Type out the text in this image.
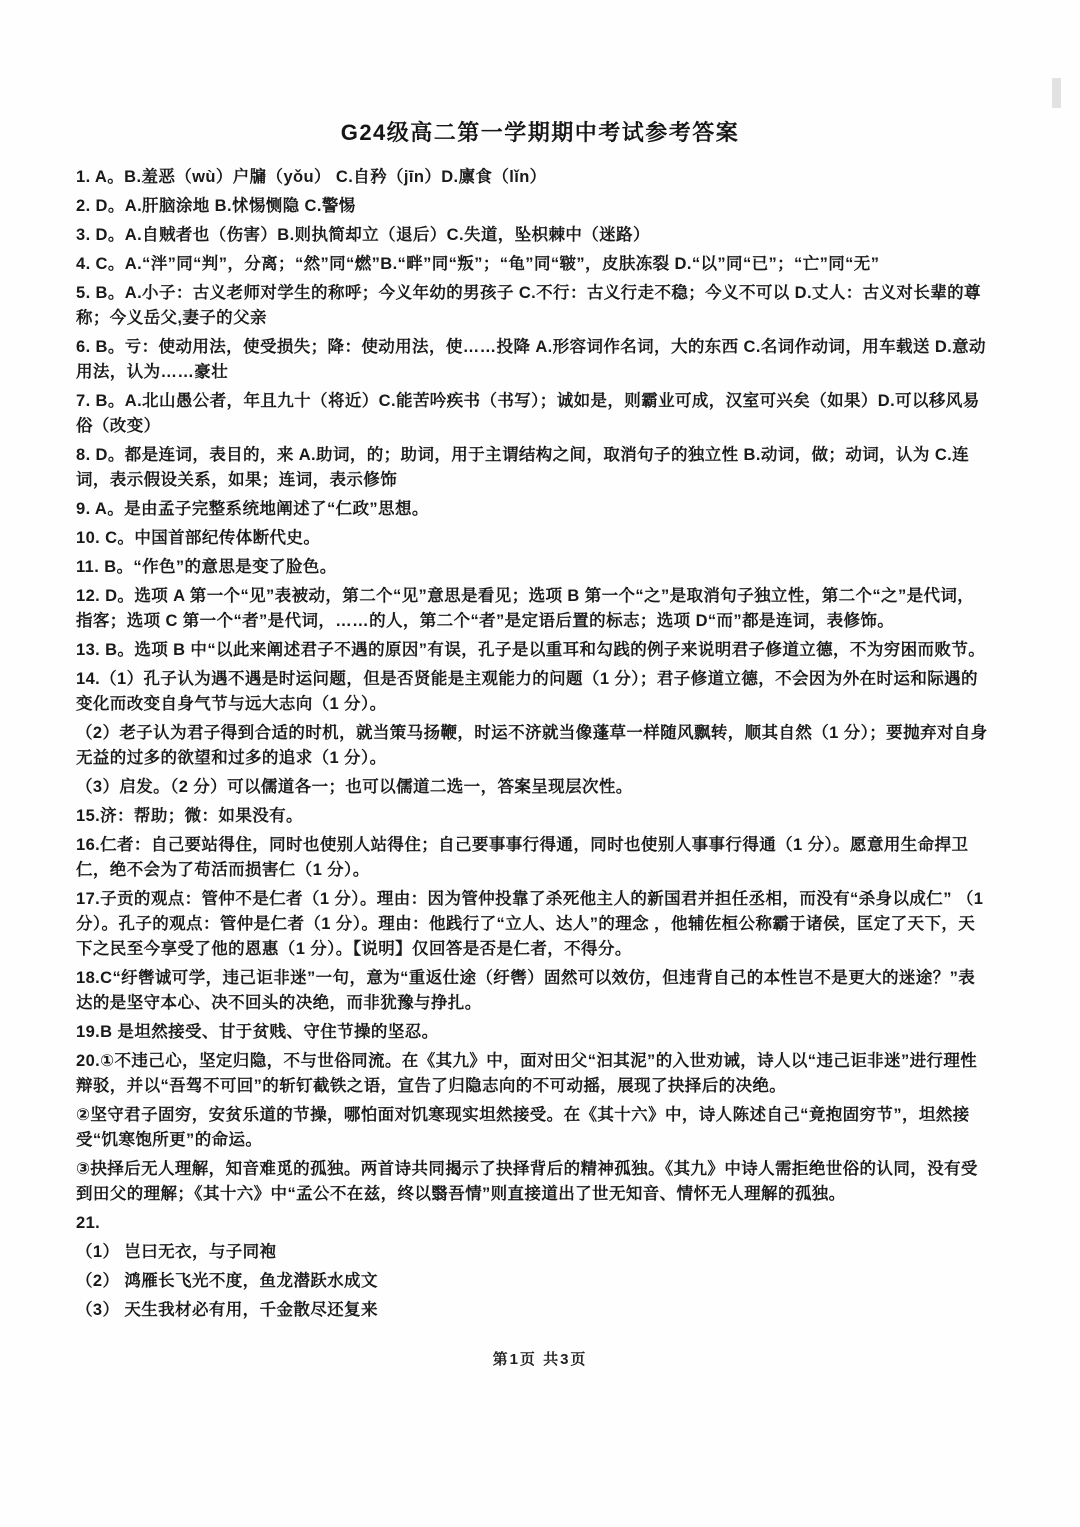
G24级高二第一学期期中考试参考答案

1. A。B.羞恶（wù）户牖（yǒu） C.自矜（jīn）D.廪食（lǐn）

2. D。A.肝脑涂地 B.怵惕恻隐 C.警惕

3. D。A.自贼者也（伤害）B.则执简却立（退后）C.失道，坠枳棘中（迷路）

4. C。A.“泮”同“判”，分离；“然”同“燃”B.“畔”同“叛”；“龟”同“皲”，皮肤冻裂 D.“以”同“已”；“亡”同“无”

5. B。A.小子：古义老师对学生的称呼；今义年幼的男孩子 C.不行：古义行走不稳；今义不可以 D.丈人：古义对长辈的尊称；今义岳父,妻子的父亲

6. B。亏：使动用法，使受损失；降：使动用法，使……投降 A.形容词作名词，大的东西 C.名词作动词，用车载送 D.意动用法，认为……豪壮

7. B。A.北山愚公者，年且九十（将近）C.能苦吟疾书（书写）；诚如是，则霸业可成，汉室可兴矣（如果）D.可以移风易俗（改变）

8. D。都是连词，表目的，来 A.助词，的；助词，用于主谓结构之间，取消句子的独立性 B.动词，做；动词，认为 C.连词，表示假设关系，如果；连词，表示修饰

9. A。是由孟子完整系统地阐述了“仁政”思想。

10. C。中国首部纪传体断代史。

11. B。“作色”的意思是变了脸色。

12. D。选项 A 第一个“见”表被动，第二个“见”意思是看见；选项 B 第一个“之”是取消句子独立性，第二个“之”是代词，指客；选项 C 第一个“者”是代词，……的人，第二个“者”是定语后置的标志；选项 D“而”都是连词，表修饰。

13. B。选项 B 中“以此来阐述君子不遇的原因”有误，孔子是以重耳和勾践的例子来说明君子修道立德，不为穷困而败节。

14.（1）孔子认为遇不遇是时运问题，但是否贤能是主观能力的问题（1 分）；君子修道立德，不会因为外在时运和际遇的变化而改变自身气节与远大志向（1 分）。

（2）老子认为君子得到合适的时机，就当策马扬鞭，时运不济就当像蓬草一样随风飘转，顺其自然（1 分）；要抛弃对自身无益的过多的欲望和过多的追求（1 分）。

（3）启发。（2 分）可以儒道各一；也可以儒道二选一，答案呈现层次性。

15.济：帮助；微：如果没有。

16.仁者：自己要站得住，同时也使别人站得住；自己要事事行得通，同时也使别人事事行得通（1 分）。愿意用生命捍卫仁，绝不会为了苟活而损害仁（1 分）。

17.子贡的观点：管仲不是仁者（1 分）。理由：因为管仲投靠了杀死他主人的新国君并担任丞相，而没有“杀身以成仁” （1 分）。孔子的观点：管仲是仁者（1 分）。理由：他践行了“立人、达人”的理念 ，他辅佐桓公称霸于诸侯，匡定了天下，天下之民至今享受了他的恩惠（1 分）。【说明】仅回答是否是仁者，不得分。

18.C“纡辔诚可学，违己讵非迷”一句，意为“重返仕途（纡辔）固然可以效仿，但违背自己的本性岂不是更大的迷途？”表达的是坚守本心、决不回头的决绝，而非犹豫与挣扎。

19.B 是坦然接受、甘于贫贱、守住节操的坚忍。

20.①不违己心，坚定归隐，不与世俗同流。在《其九》中，面对田父“汩其泥”的入世劝诫，诗人以“违己讵非迷”进行理性辩驳，并以“吾驾不可回”的斩钉截铁之语，宣告了归隐志向的不可动摇，展现了抉择后的决绝。

②坚守君子固穷，安贫乐道的节操，哪怕面对饥寒现实坦然接受。在《其十六》中，诗人陈述自己“竟抱固穷节”，坦然接受“饥寒饱所更”的命运。

③抉择后无人理解，知音难觅的孤独。两首诗共同揭示了抉择背后的精神孤独。《其九》中诗人需拒绝世俗的认同，没有受到田父的理解；《其十六》中“孟公不在兹，终以翳吾情”则直接道出了世无知音、情怀无人理解的孤独。

21.

（1） 岂曰无衣，与子同袍

（2） 鸿雁长飞光不度，鱼龙潜跃水成文

（3） 天生我材必有用，千金散尽还复来

第1页 共3页
